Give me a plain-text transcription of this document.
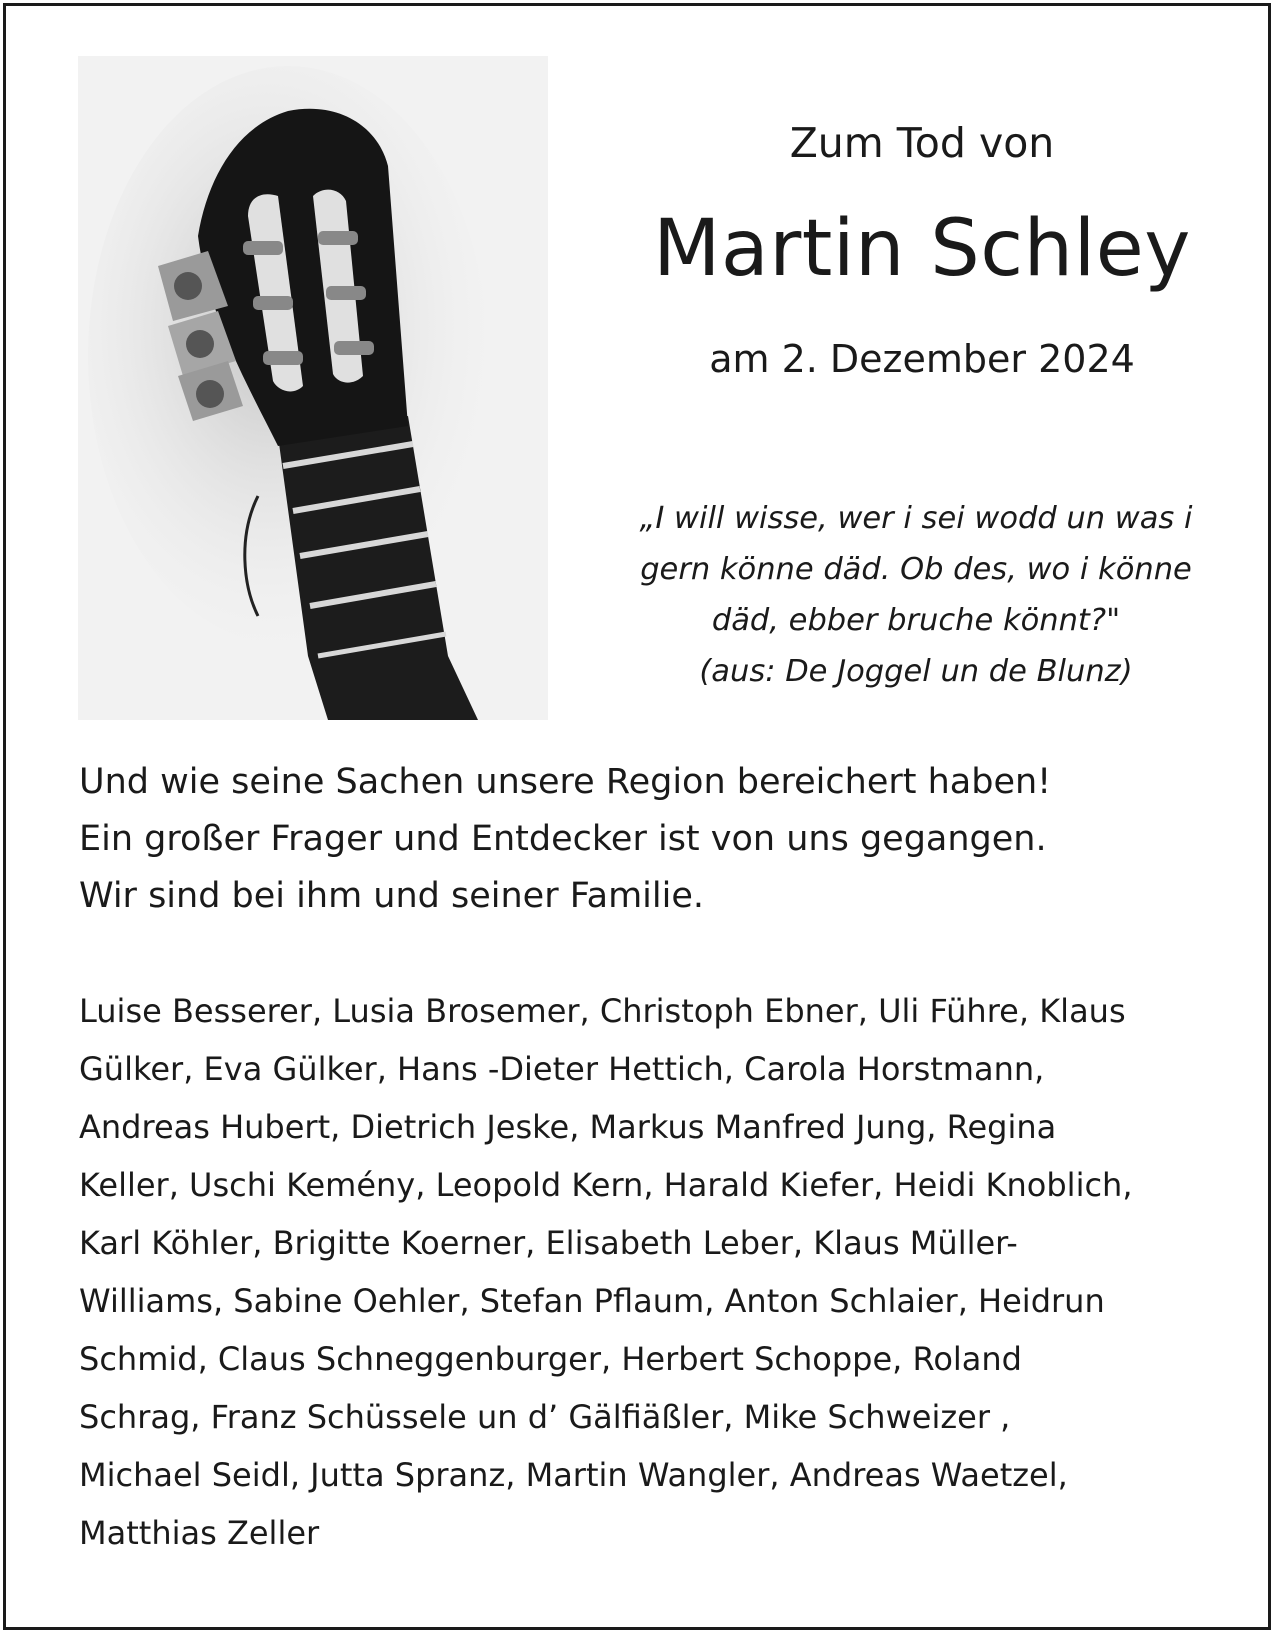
Zum Tod von

Martin Schley

am 2. Dezember 2024

„I will wisse, wer i sei wodd un was i

gern könne däd. Ob des, wo i könne

däd, ebber bruche könnt?"

(aus: De Joggel un de Blunz)

Und wie seine Sachen unsere Region bereichert haben!

Ein großer Frager und Entdecker ist von uns gegangen.

Wir sind bei ihm und seiner Familie.

Luise Besserer, Lusia Brosemer, Christoph Ebner, Uli Führe, Klaus

Gülker, Eva Gülker, Hans -Dieter Hettich, Carola Horstmann,

Andreas Hubert, Dietrich Jeske, Markus Manfred Jung, Regina

Keller, Uschi Kemény, Leopold Kern, Harald Kiefer, Heidi Knoblich,

Karl Köhler, Brigitte Koerner, Elisabeth Leber, Klaus Müller-

Williams, Sabine Oehler, Stefan Pflaum, Anton Schlaier, Heidrun

Schmid, Claus Schneggenburger, Herbert Schoppe, Roland

Schrag, Franz Schüssele un d’ Gälfiäßler, Mike Schweizer ,

Michael Seidl, Jutta Spranz, Martin Wangler, Andreas Waetzel,

Matthias Zeller
